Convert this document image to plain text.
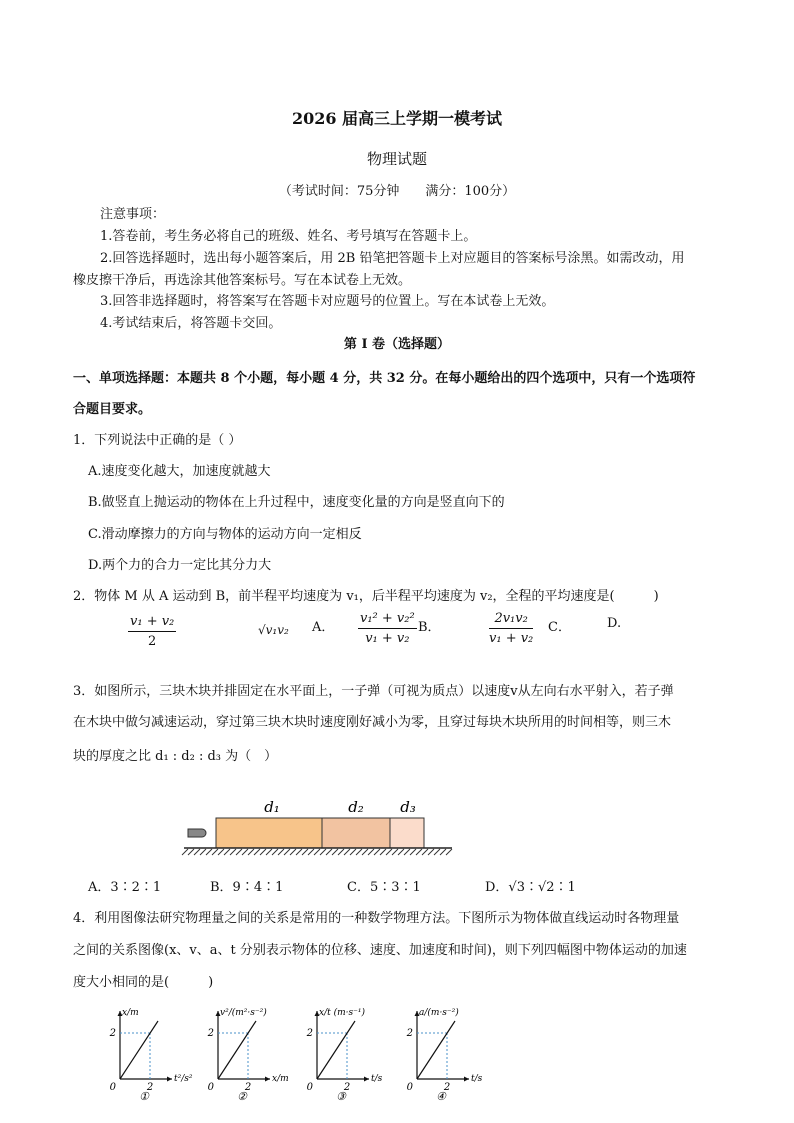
2026 届高三上学期一模考试
物理试题
（考试时间：75分钟　　满分：100分）
注意事项：
1.答卷前，考生务必将自己的班级、姓名、考号填写在答题卡上。
2.回答选择题时，选出每小题答案后，用 2B 铅笔把答题卡上对应题目的答案标号涂黑。如需改动，用
橡皮擦干净后，再选涂其他答案标号。写在本试卷上无效。
3.回答非选择题时，将答案写在答题卡对应题号的位置上。写在本试卷上无效。
4.考试结束后，将答题卡交回。
第 I 卷（选择题）
一、单项选择题：本题共 8 个小题，每小题 4 分，共 32 分。在每小题给出的四个选项中，只有一个选项符
合题目要求。
1．下列说法中正确的是（ ）
A.速度变化越大，加速度就越大
B.做竖直上抛运动的物体在上升过程中，速度变化量的方向是竖直向下的
C.滑动摩擦力的方向与物体的运动方向一定相反
D.两个力的合力一定比其分力大
2．物体 M 从 A 运动到 B，前半程平均速度为 v₁，后半程平均速度为 v₂，全程的平均速度是(　　　)
$\frac{\text{v₁ + v₂}}{2}$	√v₁v₂ A． $\frac{\text{v₁² + v₂²}}{\text{v₁ + v₂}}$ B．	$\frac{\text{2v₁v₂}}{\text{v₁ + v₂}}$ C．	D.
3．如图所示，三块木块并排固定在水平面上，一子弹（可视为质点）以速度v从左向右水平射入，若子弹
在木块中做匀减速运动，穿过第三块木块时速度刚好减小为零，且穿过每块木块所用的时间相等，则三木
块的厚度之比 d₁ : d₂ : d₃ 为（　）
d₁	d₂ d₃
A．3∶2∶1	B．9∶4∶1	C．5∶3∶1	D．√3∶√2∶1
4．利用图像法研究物理量之间的关系是常用的一种数学物理方法。下图所示为物体做直线运动时各物理量
之间的关系图像(x、v、a、t 分别表示物体的位移、速度、加速度和时间)，则下列四幅图中物体运动的加速
度大小相同的是(　　　)
2
2
0
x/m
t²/s²
①
2
2
0
v²/(m²·s⁻²)
x/m
②
2
2
0
x/t (m·s⁻¹)
t/s
③
2
2
0
a/(m·s⁻²)
t/s
④
